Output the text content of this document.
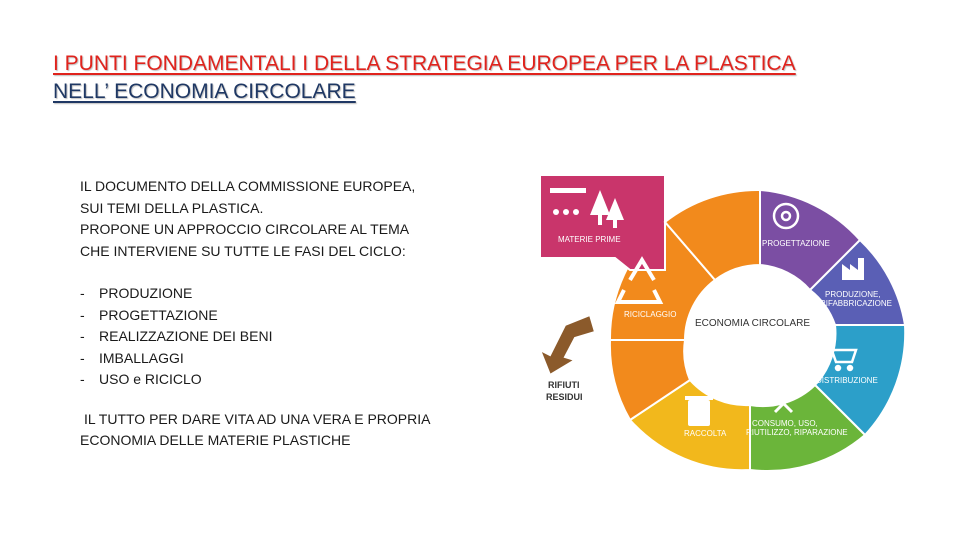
I PUNTI FONDAMENTALI I DELLA STRATEGIA EUROPEA PER LA PLASTICA
NELL’ ECONOMIA CIRCOLARE

IL DOCUMENTO DELLA COMMISSIONE EUROPEA,

SUI TEMI DELLA PLASTICA.

PROPONE UN APPROCCIO CIRCOLARE AL TEMA

CHE INTERVIENE SU TUTTE LE FASI DEL CICLO:

-	PRODUZIONE
-	PROGETTAZIONE
-	REALIZZAZIONE DEI BENI
-	IMBALLAGGI
-	USO e RICICLO

IL TUTTO PER DARE VITA AD UNA VERA E PROPRIA

ECONOMIA DELLE MATERIE PLASTICHE

MATERIE PRIME	PROGETTAZIONE
PRODUZIONE,
RIFABBRICAZIONE
DISTRIBUZIONE
CONSUMO, USO,
RIUTILIZZO, RIPARAZIONE
RACCOLTA
RICICLAGGIO
ECONOMIA CIRCOLARE
RIFIUTI
RESIDUI
